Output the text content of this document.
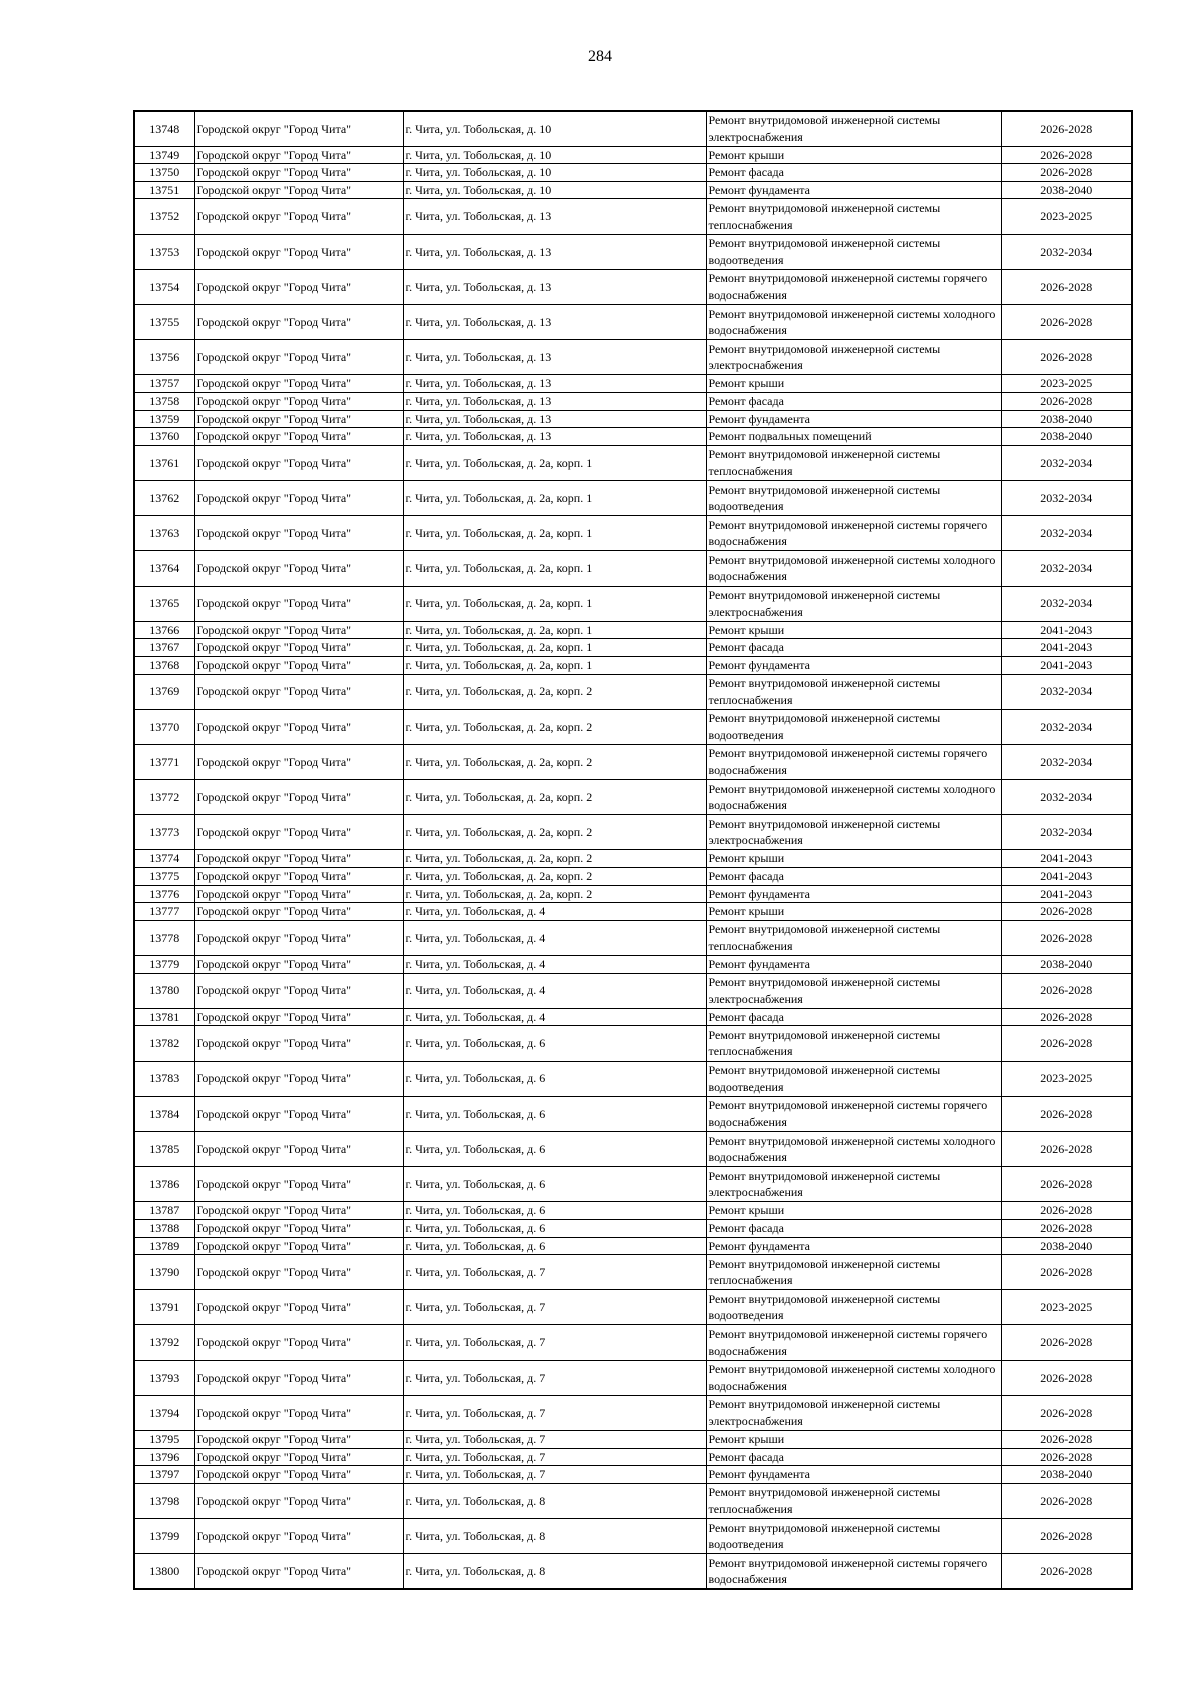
284
13748	Городской округ "Город Чита"	г. Чита, ул. Тобольская, д. 10	Ремонт внутридомовой инженерной системы электроснабжения	2026-2028
13749	Городской округ "Город Чита"	г. Чита, ул. Тобольская, д. 10	Ремонт крыши	2026-2028
13750	Городской округ "Город Чита"	г. Чита, ул. Тобольская, д. 10	Ремонт фасада	2026-2028
13751	Городской округ "Город Чита"	г. Чита, ул. Тобольская, д. 10	Ремонт фундамента	2038-2040
13752	Городской округ "Город Чита"	г. Чита, ул. Тобольская, д. 13	Ремонт внутридомовой инженерной системы теплоснабжения	2023-2025
13753	Городской округ "Город Чита"	г. Чита, ул. Тобольская, д. 13	Ремонт внутридомовой инженерной системы водоотведения	2032-2034
13754	Городской округ "Город Чита"	г. Чита, ул. Тобольская, д. 13	Ремонт внутридомовой инженерной системы горячего водоснабжения	2026-2028
13755	Городской округ "Город Чита"	г. Чита, ул. Тобольская, д. 13	Ремонт внутридомовой инженерной системы холодного водоснабжения	2026-2028
13756	Городской округ "Город Чита"	г. Чита, ул. Тобольская, д. 13	Ремонт внутридомовой инженерной системы электроснабжения	2026-2028
13757	Городской округ "Город Чита"	г. Чита, ул. Тобольская, д. 13	Ремонт крыши	2023-2025
13758	Городской округ "Город Чита"	г. Чита, ул. Тобольская, д. 13	Ремонт фасада	2026-2028
13759	Городской округ "Город Чита"	г. Чита, ул. Тобольская, д. 13	Ремонт фундамента	2038-2040
13760	Городской округ "Город Чита"	г. Чита, ул. Тобольская, д. 13	Ремонт подвальных помещений	2038-2040
13761	Городской округ "Город Чита"	г. Чита, ул. Тобольская, д. 2а, корп. 1	Ремонт внутридомовой инженерной системы теплоснабжения	2032-2034
13762	Городской округ "Город Чита"	г. Чита, ул. Тобольская, д. 2а, корп. 1	Ремонт внутридомовой инженерной системы водоотведения	2032-2034
13763	Городской округ "Город Чита"	г. Чита, ул. Тобольская, д. 2а, корп. 1	Ремонт внутридомовой инженерной системы горячего водоснабжения	2032-2034
13764	Городской округ "Город Чита"	г. Чита, ул. Тобольская, д. 2а, корп. 1	Ремонт внутридомовой инженерной системы холодного водоснабжения	2032-2034
13765	Городской округ "Город Чита"	г. Чита, ул. Тобольская, д. 2а, корп. 1	Ремонт внутридомовой инженерной системы электроснабжения	2032-2034
13766	Городской округ "Город Чита"	г. Чита, ул. Тобольская, д. 2а, корп. 1	Ремонт крыши	2041-2043
13767	Городской округ "Город Чита"	г. Чита, ул. Тобольская, д. 2а, корп. 1	Ремонт фасада	2041-2043
13768	Городской округ "Город Чита"	г. Чита, ул. Тобольская, д. 2а, корп. 1	Ремонт фундамента	2041-2043
13769	Городской округ "Город Чита"	г. Чита, ул. Тобольская, д. 2а, корп. 2	Ремонт внутридомовой инженерной системы теплоснабжения	2032-2034
13770	Городской округ "Город Чита"	г. Чита, ул. Тобольская, д. 2а, корп. 2	Ремонт внутридомовой инженерной системы водоотведения	2032-2034
13771	Городской округ "Город Чита"	г. Чита, ул. Тобольская, д. 2а, корп. 2	Ремонт внутридомовой инженерной системы горячего водоснабжения	2032-2034
13772	Городской округ "Город Чита"	г. Чита, ул. Тобольская, д. 2а, корп. 2	Ремонт внутридомовой инженерной системы холодного водоснабжения	2032-2034
13773	Городской округ "Город Чита"	г. Чита, ул. Тобольская, д. 2а, корп. 2	Ремонт внутридомовой инженерной системы электроснабжения	2032-2034
13774	Городской округ "Город Чита"	г. Чита, ул. Тобольская, д. 2а, корп. 2	Ремонт крыши	2041-2043
13775	Городской округ "Город Чита"	г. Чита, ул. Тобольская, д. 2а, корп. 2	Ремонт фасада	2041-2043
13776	Городской округ "Город Чита"	г. Чита, ул. Тобольская, д. 2а, корп. 2	Ремонт фундамента	2041-2043
13777	Городской округ "Город Чита"	г. Чита, ул. Тобольская, д. 4	Ремонт крыши	2026-2028
13778	Городской округ "Город Чита"	г. Чита, ул. Тобольская, д. 4	Ремонт внутридомовой инженерной системы теплоснабжения	2026-2028
13779	Городской округ "Город Чита"	г. Чита, ул. Тобольская, д. 4	Ремонт фундамента	2038-2040
13780	Городской округ "Город Чита"	г. Чита, ул. Тобольская, д. 4	Ремонт внутридомовой инженерной системы электроснабжения	2026-2028
13781	Городской округ "Город Чита"	г. Чита, ул. Тобольская, д. 4	Ремонт фасада	2026-2028
13782	Городской округ "Город Чита"	г. Чита, ул. Тобольская, д. 6	Ремонт внутридомовой инженерной системы теплоснабжения	2026-2028
13783	Городской округ "Город Чита"	г. Чита, ул. Тобольская, д. 6	Ремонт внутридомовой инженерной системы водоотведения	2023-2025
13784	Городской округ "Город Чита"	г. Чита, ул. Тобольская, д. 6	Ремонт внутридомовой инженерной системы горячего водоснабжения	2026-2028
13785	Городской округ "Город Чита"	г. Чита, ул. Тобольская, д. 6	Ремонт внутридомовой инженерной системы холодного водоснабжения	2026-2028
13786	Городской округ "Город Чита"	г. Чита, ул. Тобольская, д. 6	Ремонт внутридомовой инженерной системы электроснабжения	2026-2028
13787	Городской округ "Город Чита"	г. Чита, ул. Тобольская, д. 6	Ремонт крыши	2026-2028
13788	Городской округ "Город Чита"	г. Чита, ул. Тобольская, д. 6	Ремонт фасада	2026-2028
13789	Городской округ "Город Чита"	г. Чита, ул. Тобольская, д. 6	Ремонт фундамента	2038-2040
13790	Городской округ "Город Чита"	г. Чита, ул. Тобольская, д. 7	Ремонт внутридомовой инженерной системы теплоснабжения	2026-2028
13791	Городской округ "Город Чита"	г. Чита, ул. Тобольская, д. 7	Ремонт внутридомовой инженерной системы водоотведения	2023-2025
13792	Городской округ "Город Чита"	г. Чита, ул. Тобольская, д. 7	Ремонт внутридомовой инженерной системы горячего водоснабжения	2026-2028
13793	Городской округ "Город Чита"	г. Чита, ул. Тобольская, д. 7	Ремонт внутридомовой инженерной системы холодного водоснабжения	2026-2028
13794	Городской округ "Город Чита"	г. Чита, ул. Тобольская, д. 7	Ремонт внутридомовой инженерной системы электроснабжения	2026-2028
13795	Городской округ "Город Чита"	г. Чита, ул. Тобольская, д. 7	Ремонт крыши	2026-2028
13796	Городской округ "Город Чита"	г. Чита, ул. Тобольская, д. 7	Ремонт фасада	2026-2028
13797	Городской округ "Город Чита"	г. Чита, ул. Тобольская, д. 7	Ремонт фундамента	2038-2040
13798	Городской округ "Город Чита"	г. Чита, ул. Тобольская, д. 8	Ремонт внутридомовой инженерной системы теплоснабжения	2026-2028
13799	Городской округ "Город Чита"	г. Чита, ул. Тобольская, д. 8	Ремонт внутридомовой инженерной системы водоотведения	2026-2028
13800	Городской округ "Город Чита"	г. Чита, ул. Тобольская, д. 8	Ремонт внутридомовой инженерной системы горячего водоснабжения	2026-2028
